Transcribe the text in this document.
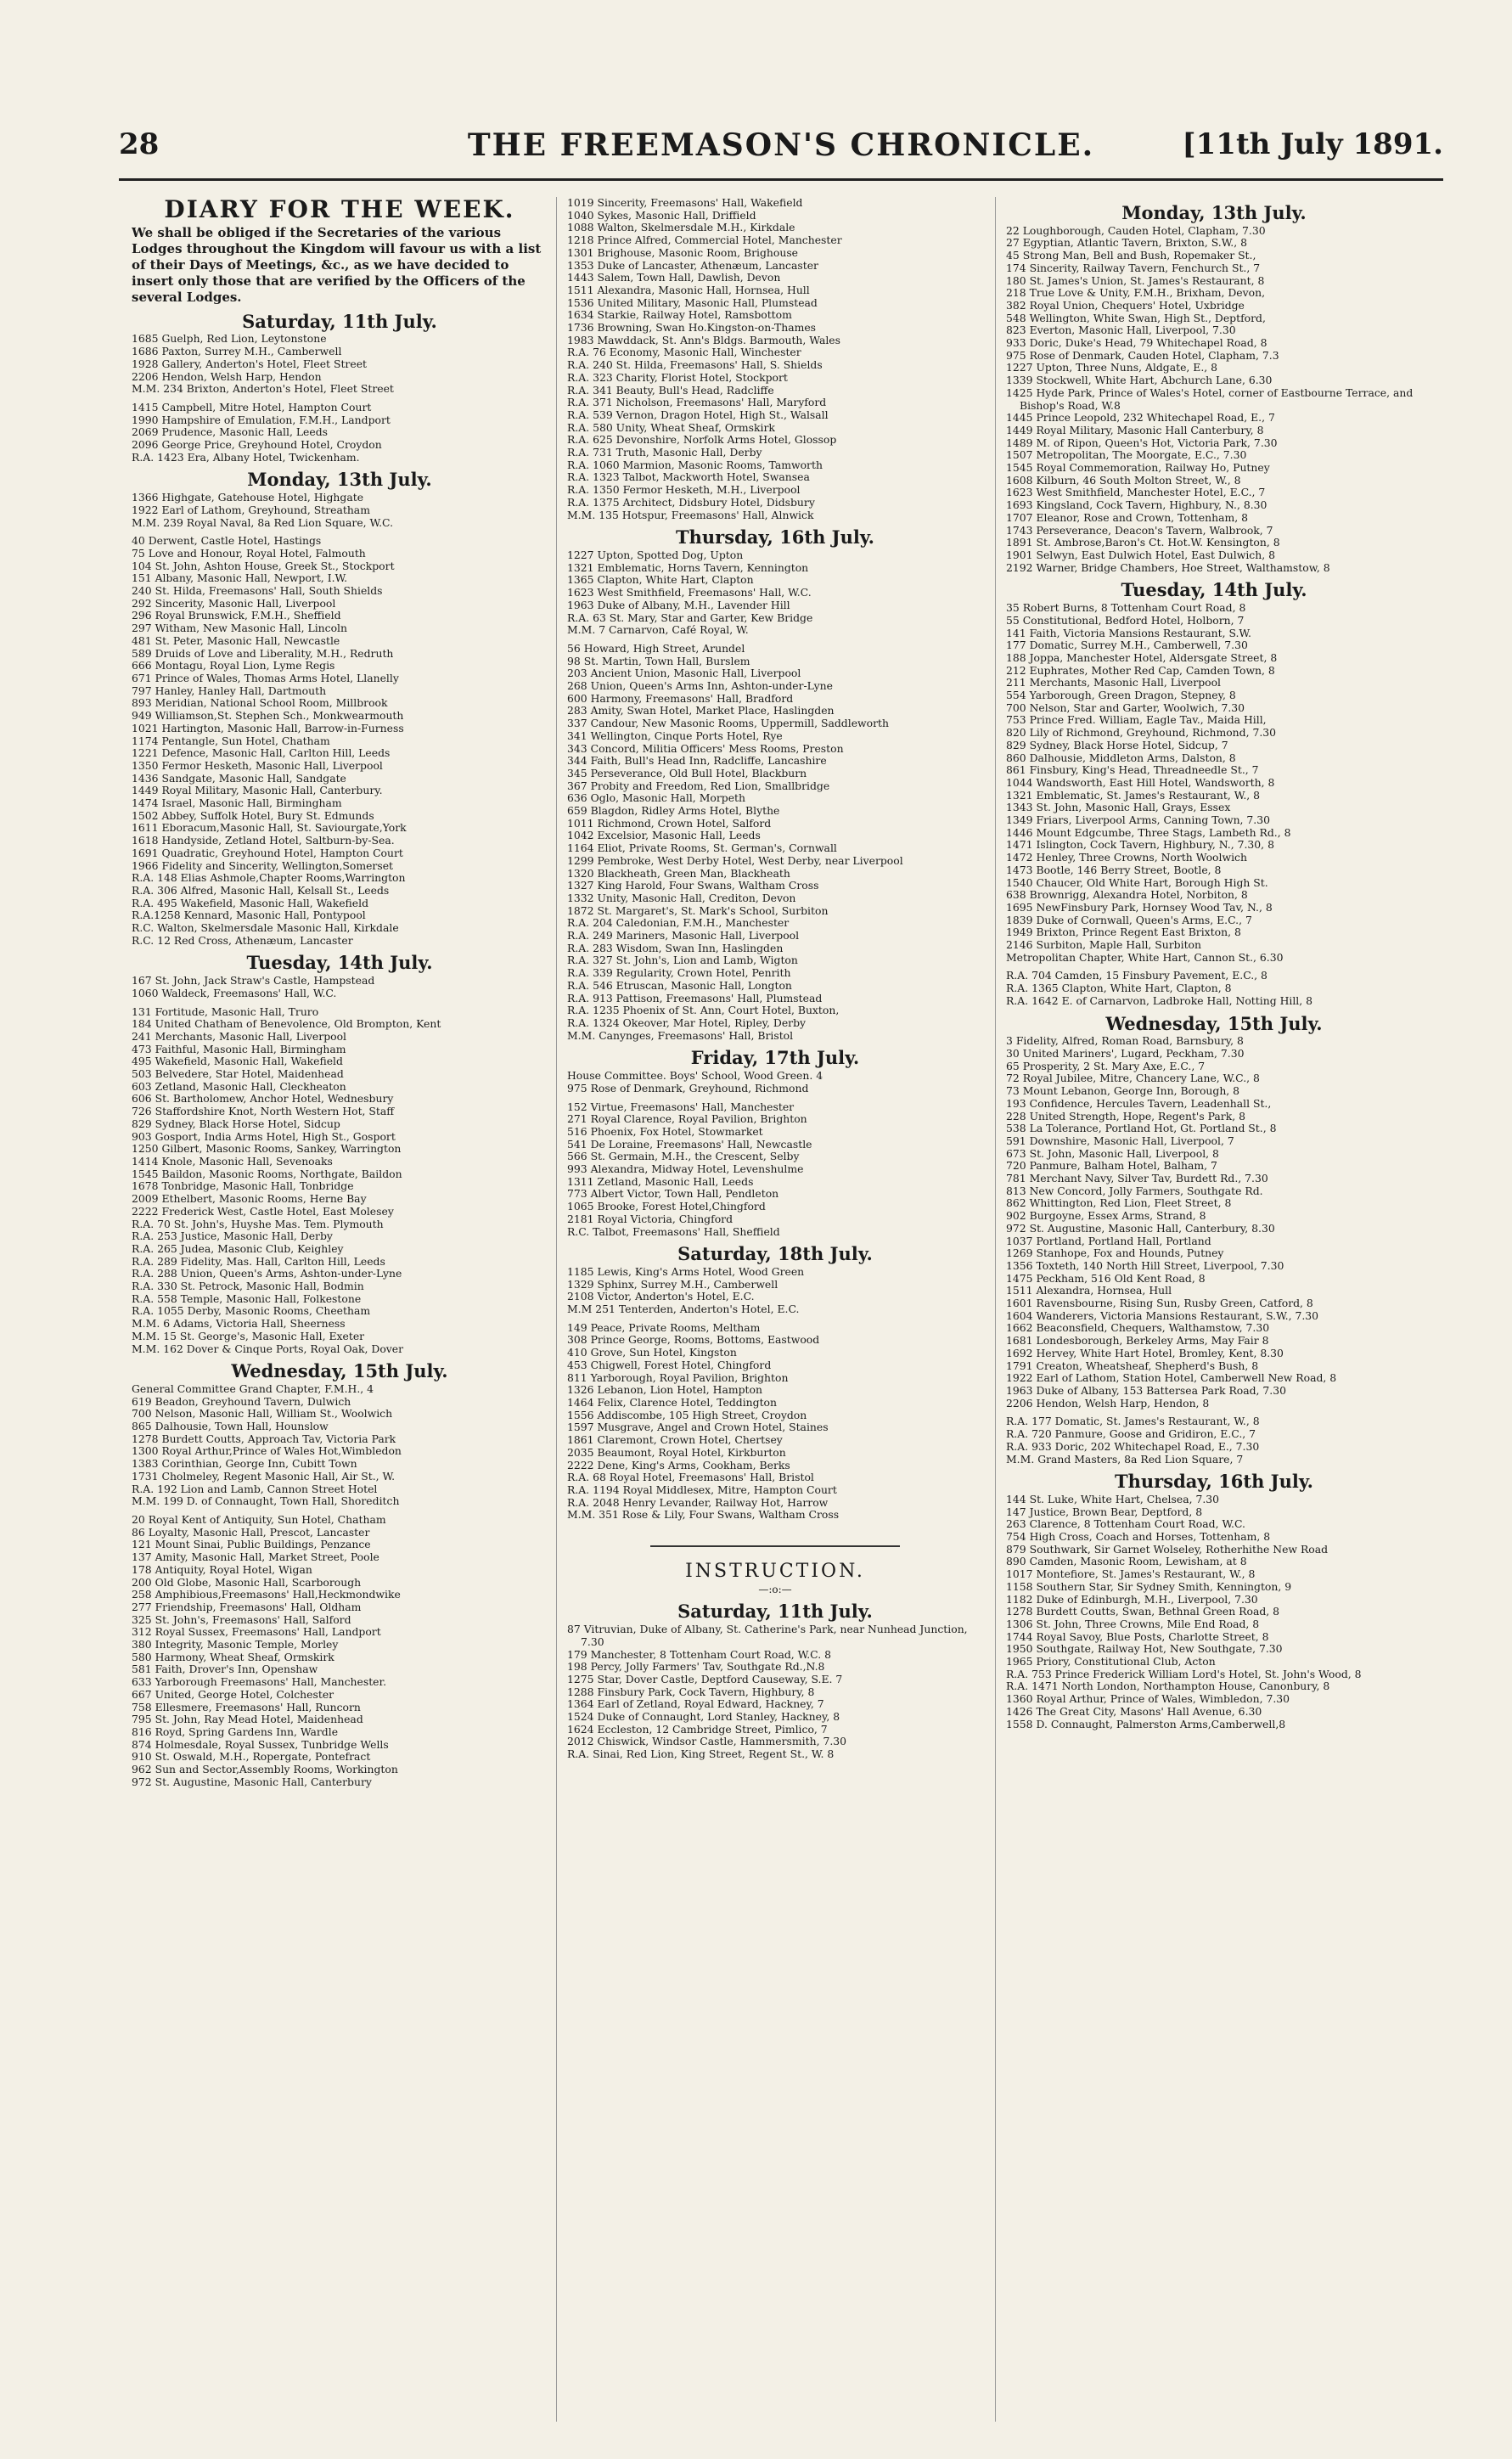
28	THE FREEMASON'S CHRONICLE.	[11th July 1891.
DIARY FOR THE WEEK.

We shall be obliged if the Secretaries of the various Lodges throughout the Kingdom will favour us with a list of their Days of Meetings, &c., as we have decided to insert only those that are verified by the Officers of the several Lodges.

Saturday, 11th July.
1685 Guelph, Red Lion, Leytonstone
1686 Paxton, Surrey M.H., Camberwell
1928 Gallery, Anderton's Hotel, Fleet Street
2206 Hendon, Welsh Harp, Hendon
M.M. 234 Brixton, Anderton's Hotel, Fleet Street
1415 Campbell, Mitre Hotel, Hampton Court
1990 Hampshire of Emulation, F.M.H., Landport
2069 Prudence, Masonic Hall, Leeds
2096 George Price, Greyhound Hotel, Croydon
R.A. 1423 Era, Albany Hotel, Twickenham.
Monday, 13th July.
1366 Highgate, Gatehouse Hotel, Highgate
1922 Earl of Lathom, Greyhound, Streatham
M.M. 239 Royal Naval, 8a Red Lion Square, W.C.
40 Derwent, Castle Hotel, Hastings
75 Love and Honour, Royal Hotel, Falmouth
104 St. John, Ashton House, Greek St., Stockport
151 Albany, Masonic Hall, Newport, I.W.
240 St. Hilda, Freemasons' Hall, South Shields
292 Sincerity, Masonic Hall, Liverpool
296 Royal Brunswick, F.M.H., Sheffield
297 Witham, New Masonic Hall, Lincoln
481 St. Peter, Masonic Hall, Newcastle
589 Druids of Love and Liberality, M.H., Redruth
666 Montagu, Royal Lion, Lyme Regis
671 Prince of Wales, Thomas Arms Hotel, Llanelly
797 Hanley, Hanley Hall, Dartmouth
893 Meridian, National School Room, Millbrook
949 Williamson,St. Stephen Sch., Monkwearmouth
1021 Hartington, Masonic Hall, Barrow-in-Furness
1174 Pentangle, Sun Hotel, Chatham
1221 Defence, Masonic Hall, Carlton Hill, Leeds
1350 Fermor Hesketh, Masonic Hall, Liverpool
1436 Sandgate, Masonic Hall, Sandgate
1449 Royal Military, Masonic Hall, Canterbury.
1474 Israel, Masonic Hall, Birmingham
1502 Abbey, Suffolk Hotel, Bury St. Edmunds
1611 Eboracum,Masonic Hall, St. Saviourgate,York
1618 Handyside, Zetland Hotel, Saltburn-by-Sea.
1691 Quadratic, Greyhound Hotel, Hampton Court
1966 Fidelity and Sincerity, Wellington,Somerset
R.A. 148 Elias Ashmole,Chapter Rooms,Warrington
R.A. 306 Alfred, Masonic Hall, Kelsall St., Leeds
R.A. 495 Wakefield, Masonic Hall, Wakefield
R.A.1258 Kennard, Masonic Hall, Pontypool
R.C. Walton, Skelmersdale Masonic Hall, Kirkdale
R.C. 12 Red Cross, Athenæum, Lancaster
Tuesday, 14th July.
167 St. John, Jack Straw's Castle, Hampstead
1060 Waldeck, Freemasons' Hall, W.C.
131 Fortitude, Masonic Hall, Truro
184 United Chatham of Benevolence, Old Brompton, Kent
241 Merchants, Masonic Hall, Liverpool
473 Faithful, Masonic Hall, Birmingham
495 Wakefield, Masonic Hall, Wakefield
503 Belvedere, Star Hotel, Maidenhead
603 Zetland, Masonic Hall, Cleckheaton
606 St. Bartholomew, Anchor Hotel, Wednesbury
726 Staffordshire Knot, North Western Hot, Staff
829 Sydney, Black Horse Hotel, Sidcup
903 Gosport, India Arms Hotel, High St., Gosport
1250 Gilbert, Masonic Rooms, Sankey, Warrington
1414 Knole, Masonic Hall, Sevenoaks
1545 Baildon, Masonic Rooms, Northgate, Baildon
1678 Tonbridge, Masonic Hall, Tonbridge
2009 Ethelbert, Masonic Rooms, Herne Bay
2222 Frederick West, Castle Hotel, East Molesey
R.A. 70 St. John's, Huyshe Mas. Tem. Plymouth
R.A. 253 Justice, Masonic Hall, Derby
R.A. 265 Judea, Masonic Club, Keighley
R.A. 289 Fidelity, Mas. Hall, Carlton Hill, Leeds
R.A. 288 Union, Queen's Arms, Ashton-under-Lyne
R.A. 330 St. Petrock, Masonic Hall, Bodmin
R.A. 558 Temple, Masonic Hall, Folkestone
R.A. 1055 Derby, Masonic Rooms, Cheetham
M.M. 6 Adams, Victoria Hall, Sheerness
M.M. 15 St. George's, Masonic Hall, Exeter
M.M. 162 Dover & Cinque Ports, Royal Oak, Dover
Wednesday, 15th July.
General Committee Grand Chapter, F.M.H., 4
619 Beadon, Greyhound Tavern, Dulwich
700 Nelson, Masonic Hall, William St., Woolwich
865 Dalhousie, Town Hall, Hounslow
1278 Burdett Coutts, Approach Tav, Victoria Park
1300 Royal Arthur,Prince of Wales Hot,Wimbledon
1383 Corinthian, George Inn, Cubitt Town
1731 Cholmeley, Regent Masonic Hall, Air St., W.
R.A. 192 Lion and Lamb, Cannon Street Hotel
M.M. 199 D. of Connaught, Town Hall, Shoreditch
20 Royal Kent of Antiquity, Sun Hotel, Chatham
86 Loyalty, Masonic Hall, Prescot, Lancaster
121 Mount Sinai, Public Buildings, Penzance
137 Amity, Masonic Hall, Market Street, Poole
178 Antiquity, Royal Hotel, Wigan
200 Old Globe, Masonic Hall, Scarborough
258 Amphibious,Freemasons' Hall,Heckmondwike
277 Friendship, Freemasons' Hall, Oldham
325 St. John's, Freemasons' Hall, Salford
312 Royal Sussex, Freemasons' Hall, Landport
380 Integrity, Masonic Temple, Morley
580 Harmony, Wheat Sheaf, Ormskirk
581 Faith, Drover's Inn, Openshaw
633 Yarborough Freemasons' Hall, Manchester.
667 United, George Hotel, Colchester
758 Ellesmere, Freemasons' Hall, Runcorn
795 St. John, Ray Mead Hotel, Maidenhead
816 Royd, Spring Gardens Inn, Wardle
874 Holmesdale, Royal Sussex, Tunbridge Wells
910 St. Oswald, M.H., Ropergate, Pontefract
962 Sun and Sector,Assembly Rooms, Workington
972 St. Augustine, Masonic Hall, Canterbury
1019 Sincerity, Freemasons' Hall, Wakefield
1040 Sykes, Masonic Hall, Driffield
1088 Walton, Skelmersdale M.H., Kirkdale
1218 Prince Alfred, Commercial Hotel, Manchester
1301 Brighouse, Masonic Room, Brighouse
1353 Duke of Lancaster, Athenæum, Lancaster
1443 Salem, Town Hall, Dawlish, Devon
1511 Alexandra, Masonic Hall, Hornsea, Hull
1536 United Military, Masonic Hall, Plumstead
1634 Starkie, Railway Hotel, Ramsbottom
1736 Browning, Swan Ho.Kingston-on-Thames
1983 Mawddack, St. Ann's Bldgs. Barmouth, Wales
R.A. 76 Economy, Masonic Hall, Winchester
R.A. 240 St. Hilda, Freemasons' Hall, S. Shields
R.A. 323 Charity, Florist Hotel, Stockport
R.A. 341 Beauty, Bull's Head, Radcliffe
R.A. 371 Nicholson, Freemasons' Hall, Maryford
R.A. 539 Vernon, Dragon Hotel, High St., Walsall
R.A. 580 Unity, Wheat Sheaf, Ormskirk
R.A. 625 Devonshire, Norfolk Arms Hotel, Glossop
R.A. 731 Truth, Masonic Hall, Derby
R.A. 1060 Marmion, Masonic Rooms, Tamworth
R.A. 1323 Talbot, Mackworth Hotel, Swansea
R.A. 1350 Fermor Hesketh, M.H., Liverpool
R.A. 1375 Architect, Didsbury Hotel, Didsbury
M.M. 135 Hotspur, Freemasons' Hall, Alnwick
Thursday, 16th July.
1227 Upton, Spotted Dog, Upton
1321 Emblematic, Horns Tavern, Kennington
1365 Clapton, White Hart, Clapton
1623 West Smithfield, Freemasons' Hall, W.C.
1963 Duke of Albany, M.H., Lavender Hill
R.A. 63 St. Mary, Star and Garter, Kew Bridge
M.M. 7 Carnarvon, Café Royal, W.
56 Howard, High Street, Arundel
98 St. Martin, Town Hall, Burslem
203 Ancient Union, Masonic Hall, Liverpool
268 Union, Queen's Arms Inn, Ashton-under-Lyne
600 Harmony, Freemasons' Hall, Bradford
283 Amity, Swan Hotel, Market Place, Haslingden
337 Candour, New Masonic Rooms, Uppermill, Saddleworth
341 Wellington, Cinque Ports Hotel, Rye
343 Concord, Militia Officers' Mess Rooms, Preston
344 Faith, Bull's Head Inn, Radcliffe, Lancashire
345 Perseverance, Old Bull Hotel, Blackburn
367 Probity and Freedom, Red Lion, Smallbridge
636 Oglo, Masonic Hall, Morpeth
659 Blagdon, Ridley Arms Hotel, Blythe
1011 Richmond, Crown Hotel, Salford
1042 Excelsior, Masonic Hall, Leeds
1164 Eliot, Private Rooms, St. German's, Cornwall
1299 Pembroke, West Derby Hotel, West Derby, near Liverpool
1320 Blackheath, Green Man, Blackheath
1327 King Harold, Four Swans, Waltham Cross
1332 Unity, Masonic Hall, Crediton, Devon
1872 St. Margaret's, St. Mark's School, Surbiton
R.A. 204 Caledonian, F.M.H., Manchester
R.A. 249 Mariners, Masonic Hall, Liverpool
R.A. 283 Wisdom, Swan Inn, Haslingden
R.A. 327 St. John's, Lion and Lamb, Wigton
R.A. 339 Regularity, Crown Hotel, Penrith
R.A. 546 Etruscan, Masonic Hall, Longton
R.A. 913 Pattison, Freemasons' Hall, Plumstead
R.A. 1235 Phoenix of St. Ann, Court Hotel, Buxton,
R.A. 1324 Okeover, Mar Hotel, Ripley, Derby
M.M. Canynges, Freemasons' Hall, Bristol
Friday, 17th July.
House Committee. Boys' School, Wood Green. 4
975 Rose of Denmark, Greyhound, Richmond
152 Virtue, Freemasons' Hall, Manchester
271 Royal Clarence, Royal Pavilion, Brighton
516 Phoenix, Fox Hotel, Stowmarket
541 De Loraine, Freemasons' Hall, Newcastle
566 St. Germain, M.H., the Crescent, Selby
993 Alexandra, Midway Hotel, Levenshulme
1311 Zetland, Masonic Hall, Leeds
773 Albert Victor, Town Hall, Pendleton
1065 Brooke, Forest Hotel,Chingford
2181 Royal Victoria, Chingford
R.C. Talbot, Freemasons' Hall, Sheffield
Saturday, 18th July.
1185 Lewis, King's Arms Hotel, Wood Green
1329 Sphinx, Surrey M.H., Camberwell
2108 Victor, Anderton's Hotel, E.C.
M.M 251 Tenterden, Anderton's Hotel, E.C.
149 Peace, Private Rooms, Meltham
308 Prince George, Rooms, Bottoms, Eastwood
410 Grove, Sun Hotel, Kingston
453 Chigwell, Forest Hotel, Chingford
811 Yarborough, Royal Pavilion, Brighton
1326 Lebanon, Lion Hotel, Hampton
1464 Felix, Clarence Hotel, Teddington
1556 Addiscombe, 105 High Street, Croydon
1597 Musgrave, Angel and Crown Hotel, Staines
1861 Claremont, Crown Hotel, Chertsey
2035 Beaumont, Royal Hotel, Kirkburton
2222 Dene, King's Arms, Cookham, Berks
R.A. 68 Royal Hotel, Freemasons' Hall, Bristol
R.A. 1194 Royal Middlesex, Mitre, Hampton Court
R.A. 2048 Henry Levander, Railway Hot, Harrow
M.M. 351 Rose & Lily, Four Swans, Waltham Cross
INSTRUCTION.
—:o:—
Saturday, 11th July.
87 Vitruvian, Duke of Albany, St. Catherine's Park, near Nunhead Junction, 7.30
179 Manchester, 8 Tottenham Court Road, W.C. 8
198 Percy, Jolly Farmers' Tav, Southgate Rd.,N.8
1275 Star, Dover Castle, Deptford Causeway, S.E. 7
1288 Finsbury Park, Cock Tavern, Highbury, 8
1364 Earl of Zetland, Royal Edward, Hackney, 7
1524 Duke of Connaught, Lord Stanley, Hackney, 8
1624 Eccleston, 12 Cambridge Street, Pimlico, 7
2012 Chiswick, Windsor Castle, Hammersmith, 7.30
R.A. Sinai, Red Lion, King Street, Regent St., W. 8
Monday, 13th July.
22 Loughborough, Cauden Hotel, Clapham, 7.30
27 Egyptian, Atlantic Tavern, Brixton, S.W., 8
45 Strong Man, Bell and Bush, Ropemaker St.,
174 Sincerity, Railway Tavern, Fenchurch St., 7
180 St. James's Union, St. James's Restaurant, 8
218 True Love & Unity, F.M.H., Brixham, Devon,
382 Royal Union, Chequers' Hotel, Uxbridge
548 Wellington, White Swan, High St., Deptford,
823 Everton, Masonic Hall, Liverpool, 7.30
933 Doric, Duke's Head, 79 Whitechapel Road, 8
975 Rose of Denmark, Cauden Hotel, Clapham, 7.3
1227 Upton, Three Nuns, Aldgate, E., 8
1339 Stockwell, White Hart, Abchurch Lane, 6.30
1425 Hyde Park, Prince of Wales's Hotel, corner of Eastbourne Terrace, and Bishop's Road, W.8
1445 Prince Leopold, 232 Whitechapel Road, E., 7
1449 Royal Military, Masonic Hall Canterbury, 8
1489 M. of Ripon, Queen's Hot, Victoria Park, 7.30
1507 Metropolitan, The Moorgate, E.C., 7.30
1545 Royal Commemoration, Railway Ho, Putney
1608 Kilburn, 46 South Molton Street, W., 8
1623 West Smithfield, Manchester Hotel, E.C., 7
1693 Kingsland, Cock Tavern, Highbury, N., 8.30
1707 Eleanor, Rose and Crown, Tottenham, 8
1743 Perseverance, Deacon's Tavern, Walbrook, 7
1891 St. Ambrose,Baron's Ct. Hot.W. Kensington, 8
1901 Selwyn, East Dulwich Hotel, East Dulwich, 8
2192 Warner, Bridge Chambers, Hoe Street, Walthamstow, 8
Tuesday, 14th July.
35 Robert Burns, 8 Tottenham Court Road, 8
55 Constitutional, Bedford Hotel, Holborn, 7
141 Faith, Victoria Mansions Restaurant, S.W.
177 Domatic, Surrey M.H., Camberwell, 7.30
188 Joppa, Manchester Hotel, Aldersgate Street, 8
212 Euphrates, Mother Red Cap, Camden Town, 8
211 Merchants, Masonic Hall, Liverpool
554 Yarborough, Green Dragon, Stepney, 8
700 Nelson, Star and Garter, Woolwich, 7.30
753 Prince Fred. William, Eagle Tav., Maida Hill,
820 Lily of Richmond, Greyhound, Richmond, 7.30
829 Sydney, Black Horse Hotel, Sidcup, 7
860 Dalhousie, Middleton Arms, Dalston, 8
861 Finsbury, King's Head, Threadneedle St., 7
1044 Wandsworth, East Hill Hotel, Wandsworth, 8
1321 Emblematic, St. James's Restaurant, W., 8
1343 St. John, Masonic Hall, Grays, Essex
1349 Friars, Liverpool Arms, Canning Town, 7.30
1446 Mount Edgcumbe, Three Stags, Lambeth Rd., 8
1471 Islington, Cock Tavern, Highbury, N., 7.30, 8
1472 Henley, Three Crowns, North Woolwich
1473 Bootle, 146 Berry Street, Bootle, 8
1540 Chaucer, Old White Hart, Borough High St.
638 Brownrigg, Alexandra Hotel, Norbiton, 8
1695 NewFinsbury Park, Hornsey Wood Tav, N., 8
1839 Duke of Cornwall, Queen's Arms, E.C., 7
1949 Brixton, Prince Regent East Brixton, 8
2146 Surbiton, Maple Hall, Surbiton
Metropolitan Chapter, White Hart, Cannon St., 6.30
R.A. 704 Camden, 15 Finsbury Pavement, E.C., 8
R.A. 1365 Clapton, White Hart, Clapton, 8
R.A. 1642 E. of Carnarvon, Ladbroke Hall, Notting Hill, 8
Wednesday, 15th July.
3 Fidelity, Alfred, Roman Road, Barnsbury, 8
30 United Mariners', Lugard, Peckham, 7.30
65 Prosperity, 2 St. Mary Axe, E.C., 7
72 Royal Jubilee, Mitre, Chancery Lane, W.C., 8
73 Mount Lebanon, George Inn, Borough, 8
193 Confidence, Hercules Tavern, Leadenhall St.,
228 United Strength, Hope, Regent's Park, 8
538 La Tolerance, Portland Hot, Gt. Portland St., 8
591 Downshire, Masonic Hall, Liverpool, 7
673 St. John, Masonic Hall, Liverpool, 8
720 Panmure, Balham Hotel, Balham, 7
781 Merchant Navy, Silver Tav, Burdett Rd., 7.30
813 New Concord, Jolly Farmers, Southgate Rd.
862 Whittington, Red Lion, Fleet Street, 8
902 Burgoyne, Essex Arms, Strand, 8
972 St. Augustine, Masonic Hall, Canterbury, 8.30
1037 Portland, Portland Hall, Portland
1269 Stanhope, Fox and Hounds, Putney
1356 Toxteth, 140 North Hill Street, Liverpool, 7.30
1475 Peckham, 516 Old Kent Road, 8
1511 Alexandra, Hornsea, Hull
1601 Ravensbourne, Rising Sun, Rusby Green, Catford, 8
1604 Wanderers, Victoria Mansions Restaurant, S.W., 7.30
1662 Beaconsfield, Chequers, Walthamstow, 7.30
1681 Londesborough, Berkeley Arms, May Fair 8
1692 Hervey, White Hart Hotel, Bromley, Kent, 8.30
1791 Creaton, Wheatsheaf, Shepherd's Bush, 8
1922 Earl of Lathom, Station Hotel, Camberwell New Road, 8
1963 Duke of Albany, 153 Battersea Park Road, 7.30
2206 Hendon, Welsh Harp, Hendon, 8
R.A. 177 Domatic, St. James's Restaurant, W., 8
R.A. 720 Panmure, Goose and Gridiron, E.C., 7
R.A. 933 Doric, 202 Whitechapel Road, E., 7.30
M.M. Grand Masters, 8a Red Lion Square, 7
Thursday, 16th July.
144 St. Luke, White Hart, Chelsea, 7.30
147 Justice, Brown Bear, Deptford, 8
263 Clarence, 8 Tottenham Court Road, W.C.
754 High Cross, Coach and Horses, Tottenham, 8
879 Southwark, Sir Garnet Wolseley, Rotherhithe New Road
890 Camden, Masonic Room, Lewisham, at 8
1017 Montefiore, St. James's Restaurant, W., 8
1158 Southern Star, Sir Sydney Smith, Kennington, 9
1182 Duke of Edinburgh, M.H., Liverpool, 7.30
1278 Burdett Coutts, Swan, Bethnal Green Road, 8
1306 St. John, Three Crowns, Mile End Road, 8
1744 Royal Savoy, Blue Posts, Charlotte Street, 8
1950 Southgate, Railway Hot, New Southgate, 7.30
1965 Priory, Constitutional Club, Acton
R.A. 753 Prince Frederick William Lord's Hotel, St. John's Wood, 8
R.A. 1471 North London, Northampton House, Canonbury, 8
1360 Royal Arthur, Prince of Wales, Wimbledon, 7.30
1426 The Great City, Masons' Hall Avenue, 6.30
1558 D. Connaught, Palmerston Arms,Camberwell,8
